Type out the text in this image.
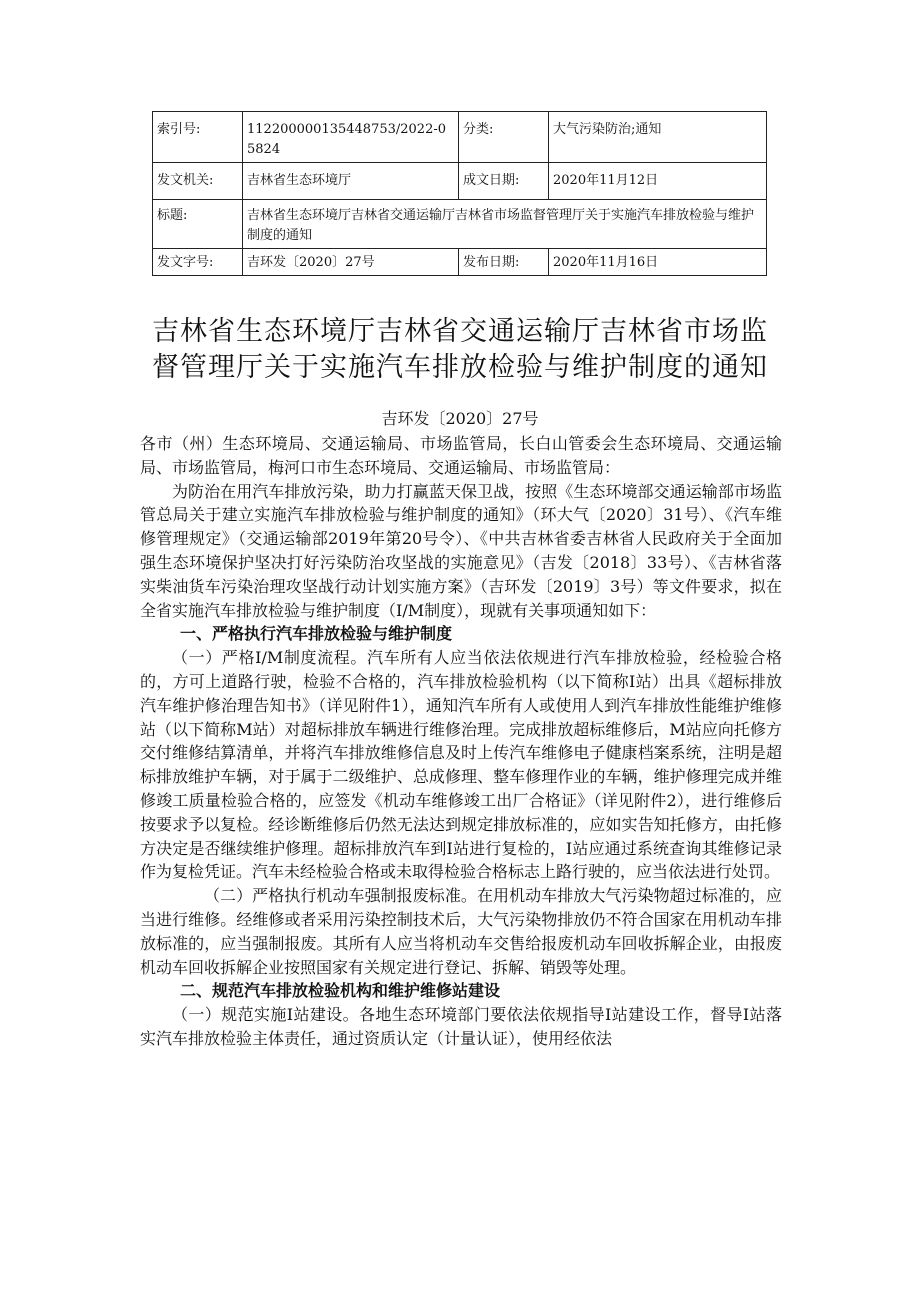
索引号:	112200000135448753/2022-05824	分类:	大气污染防治;通知
发文机关:	吉林省生态环境厅	成文日期:	2020年11月12日
标题:	吉林省生态环境厅吉林省交通运输厅吉林省市场监督管理厅关于实施汽车排放检验与维护制度的通知		
发文字号:	吉环发〔2020〕27号	发布日期:	2020年11月16日
吉林省生态环境厅吉林省交通运输厅吉林省市场监督管理厅关于实施汽车排放检验与维护制度的通知
吉环发〔2020〕27号

各市（州）生态环境局、交通运输局、市场监管局，长白山管委会生态环境局、交通运输局、市场监管局，梅河口市生态环境局、交通运输局、市场监管局：

为防治在用汽车排放污染，助力打赢蓝天保卫战，按照《生态环境部交通运输部市场监管总局关于建立实施汽车排放检验与维护制度的通知》（环大气〔2020〕31号）、《汽车维修管理规定》（交通运输部2019年第20号令）、《中共吉林省委吉林省人民政府关于全面加强生态环境保护坚决打好污染防治攻坚战的实施意见》（吉发〔2018〕33号）、《吉林省落实柴油货车污染治理攻坚战行动计划实施方案》（吉环发〔2019〕3号）等文件要求，拟在全省实施汽车排放检验与维护制度（I/M制度），现就有关事项通知如下：

一、严格执行汽车排放检验与维护制度

（一）严格I/M制度流程。汽车所有人应当依法依规进行汽车排放检验，经检验合格的，方可上道路行驶，检验不合格的，汽车排放检验机构（以下简称I站）出具《超标排放汽车维护修治理告知书》（详见附件1），通知汽车所有人或使用人到汽车排放性能维护维修站（以下简称M站）对超标排放车辆进行维修治理。完成排放超标维修后，M站应向托修方交付维修结算清单，并将汽车排放维修信息及时上传汽车维修电子健康档案系统，注明是超标排放维护车辆，对于属于二级维护、总成修理、整车修理作业的车辆，维护修理完成并维修竣工质量检验合格的，应签发《机动车维修竣工出厂合格证》（详见附件2），进行维修后按要求予以复检。经诊断维修后仍然无法达到规定排放标准的，应如实告知托修方，由托修方决定是否继续维护修理。超标排放汽车到I站进行复检的，I站应通过系统查询其维修记录作为复检凭证。汽车未经检验合格或未取得检验合格标志上路行驶的，应当依法进行处罚。

（二）严格执行机动车强制报废标准。在用机动车排放大气污染物超过标准的，应当进行维修。经维修或者采用污染控制技术后，大气污染物排放仍不符合国家在用机动车排放标准的，应当强制报废。其所有人应当将机动车交售给报废机动车回收拆解企业，由报废机动车回收拆解企业按照国家有关规定进行登记、拆解、销毁等处理。

二、规范汽车排放检验机构和维护维修站建设

（一）规范实施I站建设。各地生态环境部门要依法依规指导I站建设工作，督导I站落实汽车排放检验主体责任，通过资质认定（计量认证），使用经依法
